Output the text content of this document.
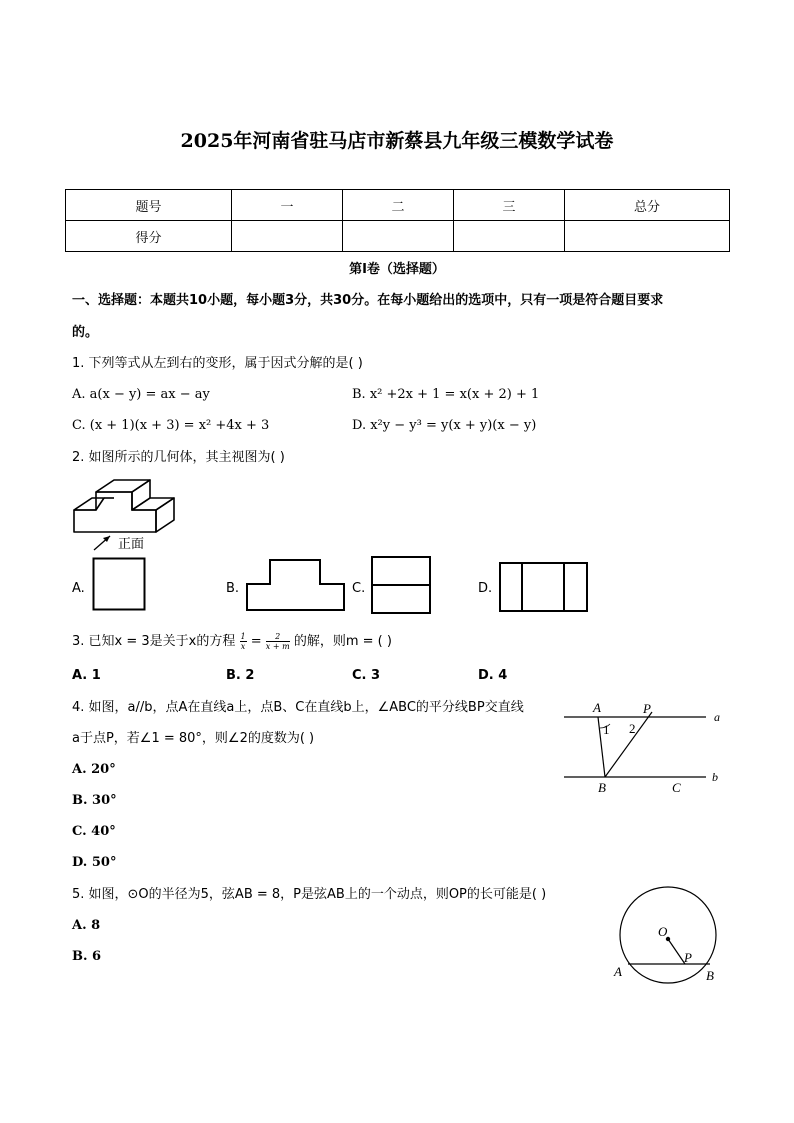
2025年河南省驻马店市新蔡县九年级三模数学试卷
题号	一	二	三	总分
得分				
第I卷（选择题）
一、选择题：本题共10小题，每小题3分，共30分。在每小题给出的选项中，只有一项是符合题目要求
的。
1. 下列等式从左到右的变形，属于因式分解的是( )
A. a(x − y) = ax − ay	B. x² +2x + 1 = x(x + 2) + 1
C. (x + 1)(x + 3) = x² +4x + 3	D. x²y − y³ = y(x + y)(x − y)
2. 如图所示的几何体，其主视图为( )
正面
A.	B.	C.	D.
3. 已知x = 3是关于x的方程 $\frac{1}{x} = \frac{2}{x + m}$ 的解，则m = ( )
A. 1	B. 2	C. 3	D. 4
4. 如图，a//b，点A在直线a上，点B、C在直线b上，∠ABC的平分线BP交直线
a于点P，若∠1 = 80°，则∠2的度数为( )
A. 20°
B. 30°
C. 40°
D. 50°
A	P
a
1 2
B	C
b
5. 如图，⊙O的半径为5，弦AB = 8，P是弦AB上的一个动点，则OP的长可能是( )
A. 8
B. 6
O
P
A	B
